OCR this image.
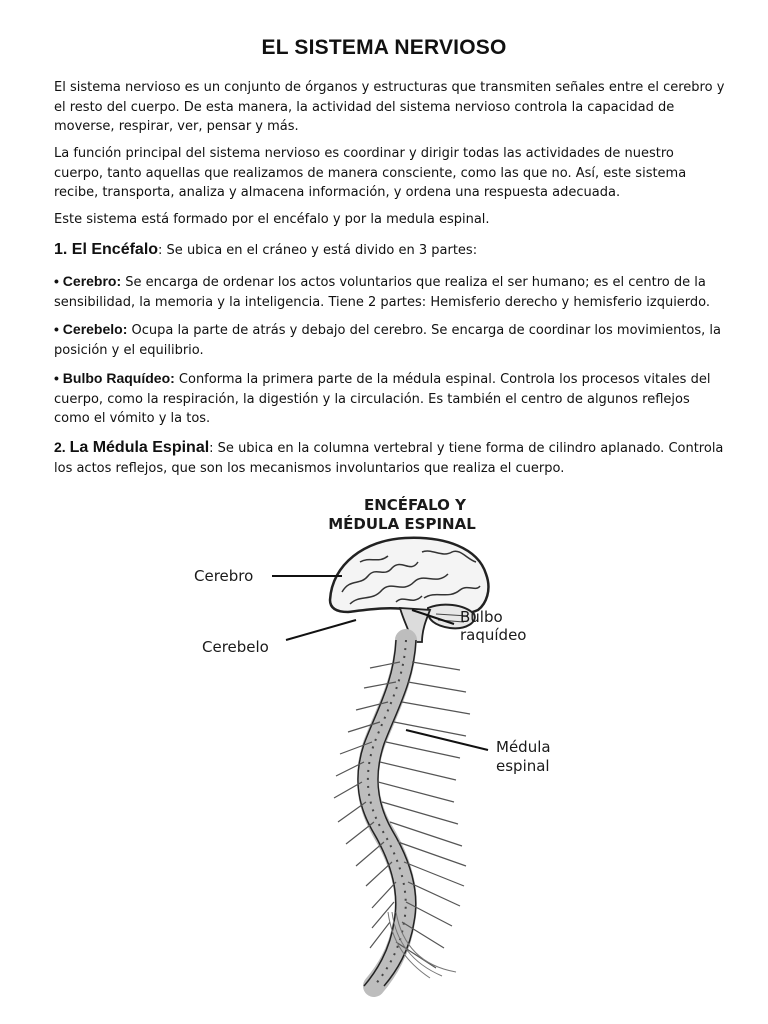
EL SISTEMA NERVIOSO

El sistema nervioso es un conjunto de órganos y estructuras que transmiten señales entre el cerebro y el resto del cuerpo. De esta manera, la actividad del sistema nervioso controla la capacidad de moverse, respirar, ver, pensar y más.

La función principal del sistema nervioso es coordinar y dirigir todas las actividades de nuestro cuerpo, tanto aquellas que realizamos de manera consciente, como las que no. Así, este sistema recibe, transporta, analiza y almacena información, y ordena una respuesta adecuada.

Este sistema está formado por el encéfalo y por la medula espinal.

1. El Encéfalo: Se ubica en el cráneo y está divido en 3 partes:

• Cerebro: Se encarga de ordenar los actos voluntarios que realiza el ser humano; es el centro de la sensibilidad, la memoria y la inteligencia. Tiene 2 partes: Hemisferio derecho y hemisferio izquierdo.

• Cerebelo: Ocupa la parte de atrás y debajo del cerebro. Se encarga de coordinar los movimientos, la posición y el equilibrio.

• Bulbo Raquídeo: Conforma la primera parte de la médula espinal. Controla los procesos vitales del cuerpo, como la respiración, la digestión y la circulación. Es también el centro de algunos reflejos como el vómito y la tos.

2. La Médula Espinal: Se ubica en la columna vertebral y tiene forma de cilindro aplanado. Controla los actos reflejos, que son los mecanismos involuntarios que realiza el cuerpo.

ENCÉFALO Y
MÉDULA ESPINAL
Cerebro
Cerebelo
Bulbo
raquídeo
Médula
espinal
